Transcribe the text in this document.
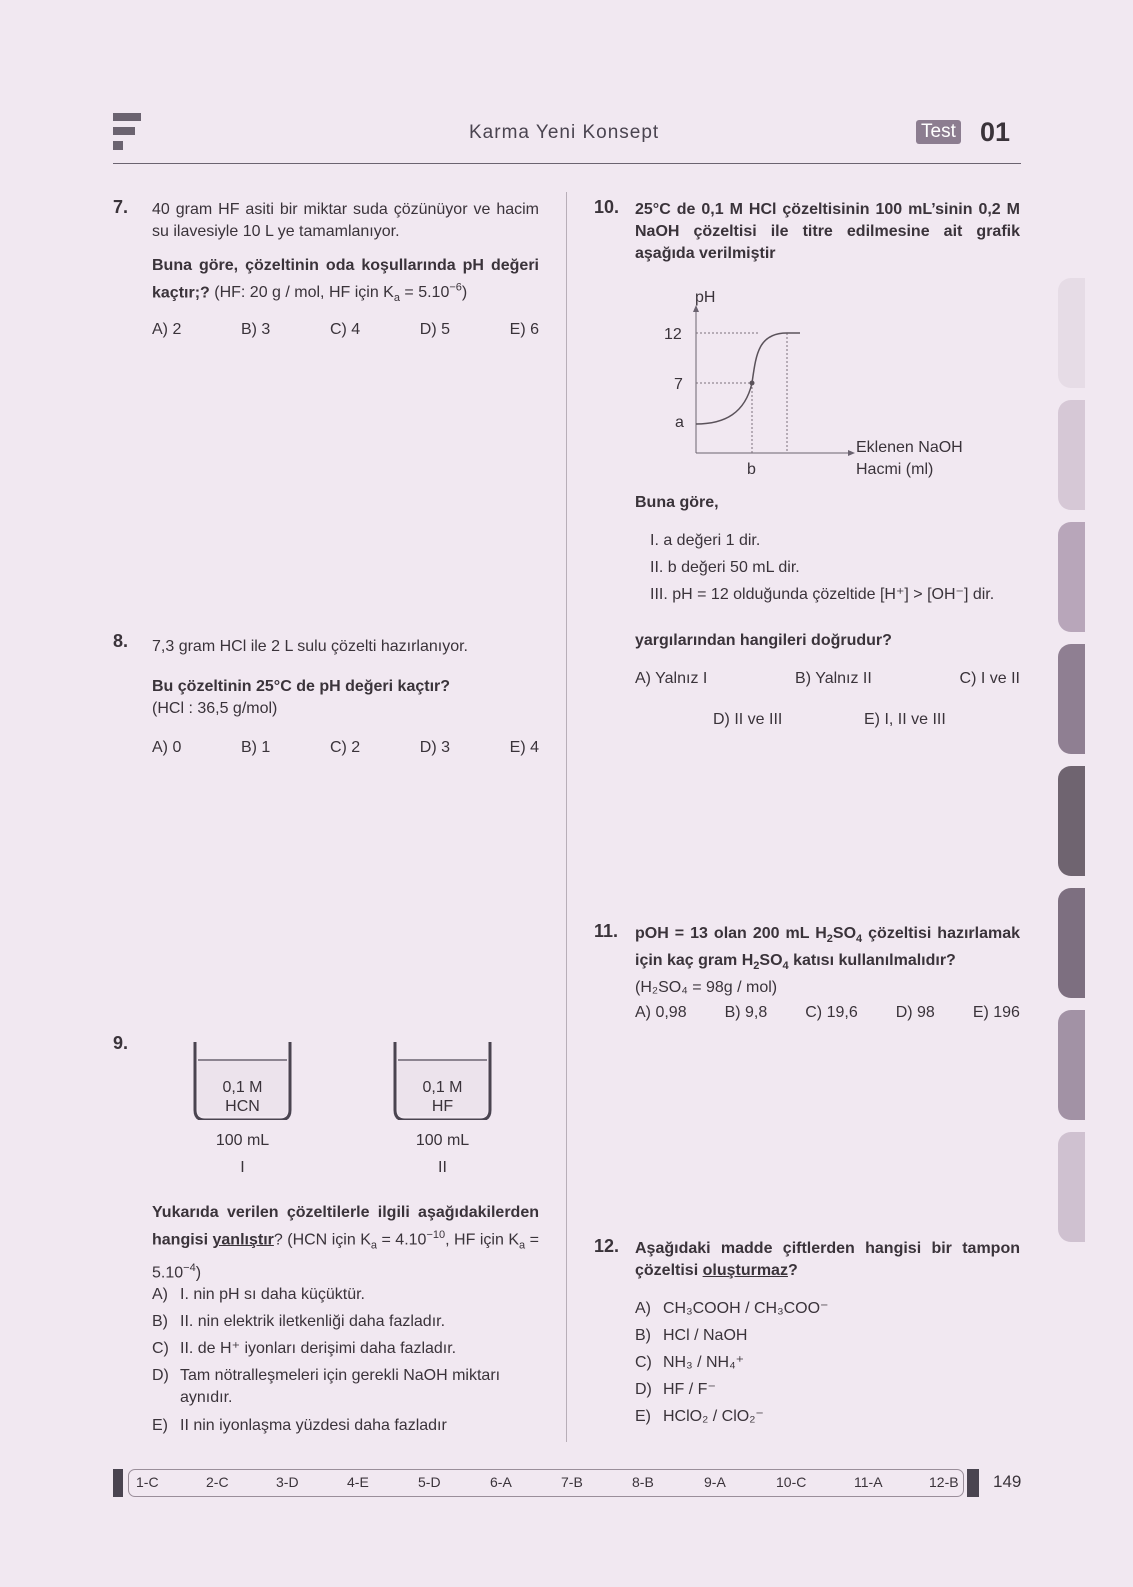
Karma Yeni Konsept	Test 01
7. 40 gram HF asiti bir miktar suda çözünüyor ve hacim su ilavesiyle 10 L ye tamamlanıyor.
Buna göre, çözeltinin oda koşullarında pH değeri kaçtır;? (HF: 20 g / mol, HF için $K_a = 5.10^{-6}$)
A) 2	B) 3	C) 4	D) 5	E) 6
8. 7,3 gram HCl ile 2 L sulu çözelti hazırlanıyor.
Bu çözeltinin 25°C de pH değeri kaçtır?
(HCl : 36,5 g/mol)
A) 0	B) 1	C) 2	D) 3	E) 4
9.
0,1 M
HCN
0,1 M
HF
100 mL	100 mL
I	II
Yukarıda verilen çözeltilerle ilgili aşağıdakilerden hangisi yanlıştır? (HCN için $K_a = 4.10^{-10}$, HF için $K_a = 5.10^{-4}$)
A) I. nin pH sı daha küçüktür.
B) II. nin elektrik iletkenliği daha fazladır.
C) II. de H⁺ iyonları derişimi daha fazladır.
D) Tam nötralleşmeleri için gerekli NaOH miktarı aynıdır.
E) II nin iyonlaşma yüzdesi daha fazladır
10. 25°C de 0,1 M HCl çözeltisinin 100 mL’sinin 0,2 M NaOH çözeltisi ile titre edilmesine ait grafik aşağıda verilmiştir
pH
12
7
a
b
Eklenen NaOH Hacmi (ml)
Buna göre,
I. a değeri 1 dir.
II. b değeri 50 mL dir.
III. pH = 12 olduğunda çözeltide [H⁺] > [OH⁻] dir.
yargılarından hangileri doğrudur?
A) Yalnız I	B) Yalnız II	C) I ve II
D) II ve III	E) I, II ve III
11. pOH = 13 olan 200 mL $H_2SO_4$ çözeltisi hazırlamak için kaç gram $H_2SO_4$ katısı kullanılmalıdır?
(H₂SO₄ = 98g / mol)
A) 0,98 B) 9,8 C) 19,6 D) 98 E) 196
12. Aşağıdaki madde çiftlerden hangisi bir tampon çözeltisi oluşturmaz?
A) CH₃COOH / CH₃COO⁻
B) HCl / NaOH
C) NH₃ / NH₄⁺
D) HF / F⁻
E) HClO₂ / ClO₂⁻
1-C	2-C	3-D	4-E	5-D	6-A	7-B	8-B	9-A	10-C	11-A	12-B 149
